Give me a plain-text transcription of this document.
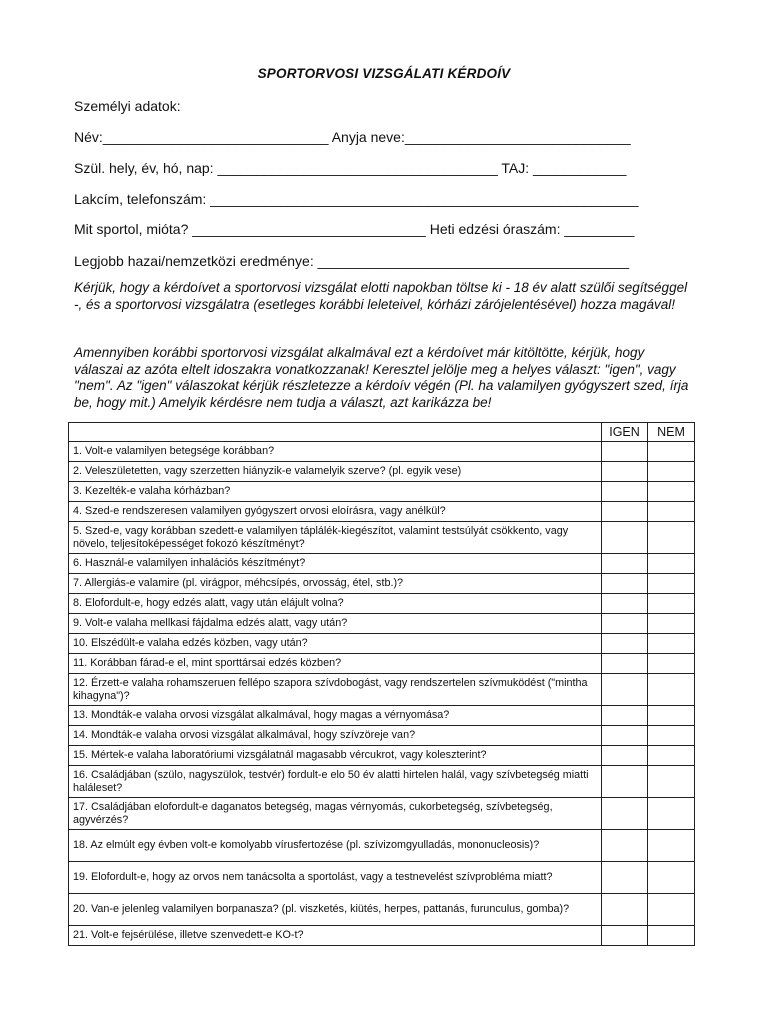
SPORTORVOSI VIZSGÁLATI KÉRDOÍV
Személyi adatok:
Név:_____________________________ Anyja neve:_____________________________
Szül. hely, év, hó, nap: ____________________________________ TAJ: ____________
Lakcím, telefonszám: _______________________________________________________
Mit sportol, mióta? ______________________________ Heti edzési óraszám: _________
Legjobb hazai/nemzetközi eredménye: ________________________________________
Kérjük, hogy a kérdoívet a sportorvosi vizsgálat elotti napokban töltse ki - 18 év alatt szülői segítséggel -, és a sportorvosi vizsgálatra (esetleges korábbi leleteivel, kórházi zárójelentésével) hozza magával!
Amennyiben korábbi sportorvosi vizsgálat alkalmával ezt a kérdoívet már kitöltötte, kérjük, hogy válaszai az azóta eltelt idoszakra vonatkozzanak! Keresztel jelölje meg a helyes választ: "igen", vagy "nem". Az "igen" válaszokat kérjük részletezze a kérdoív végén (Pl. ha valamilyen gyógyszert szed, írja be, hogy mit.) Amelyik kérdésre nem tudja a választ, azt karikázza be!
	IGEN	NEM
1. Volt-e valamilyen betegsége korábban?		
2. Veleszületetten, vagy szerzetten hiányzik-e valamelyik szerve? (pl. egyik vese)		
3. Kezelték-e valaha kórházban?		
4. Szed-e rendszeresen valamilyen gyógyszert orvosi eloírásra, vagy anélkül?		
5. Szed-e, vagy korábban szedett-e valamilyen táplálék-kiegészítot, valamint testsúlyát csökkento, vagy növelo, teljesítoképességet fokozó készítményt?		
6. Használ-e valamilyen inhalációs készítményt?		
7. Allergiás-e valamire (pl. virágpor, méhcsípés, orvosság, étel, stb.)?		
8. Elofordult-e, hogy edzés alatt, vagy után elájult volna?		
9. Volt-e valaha mellkasi fájdalma edzés alatt, vagy után?		
10. Elszédült-e valaha edzés közben, vagy után?		
11. Korábban fárad-e el, mint sporttársai edzés közben?		
12. Érzett-e valaha rohamszeruen fellépo szapora szívdobogást, vagy rendszertelen szívmuködést ("mintha kihagyna")?		
13. Mondták-e valaha orvosi vizsgálat alkalmával, hogy magas a vérnyomása?		
14. Mondták-e valaha orvosi vizsgálat alkalmával, hogy szívzöreje van?		
15. Mértek-e valaha laboratóriumi vizsgálatnál magasabb vércukrot, vagy koleszterint?		
16. Családjában (szülo, nagyszülok, testvér) fordult-e elo 50 év alatti hirtelen halál, vagy szívbetegség miatti haláleset?		
17. Családjában elofordult-e daganatos betegség, magas vérnyomás, cukorbetegség, szívbetegség, agyvérzés?		
18. Az elmúlt egy évben volt-e komolyabb vírusfertozése (pl. szívizomgyulladás, mononucleosis)?		
19. Elofordult-e, hogy az orvos nem tanácsolta a sportolást, vagy a testnevelést szívprobléma miatt?		
20. Van-e jelenleg valamilyen borpanasza? (pl. viszketés, kiütés, herpes, pattanás, furunculus, gomba)?		
21. Volt-e fejsérülése, illetve szenvedett-e KO-t?		
